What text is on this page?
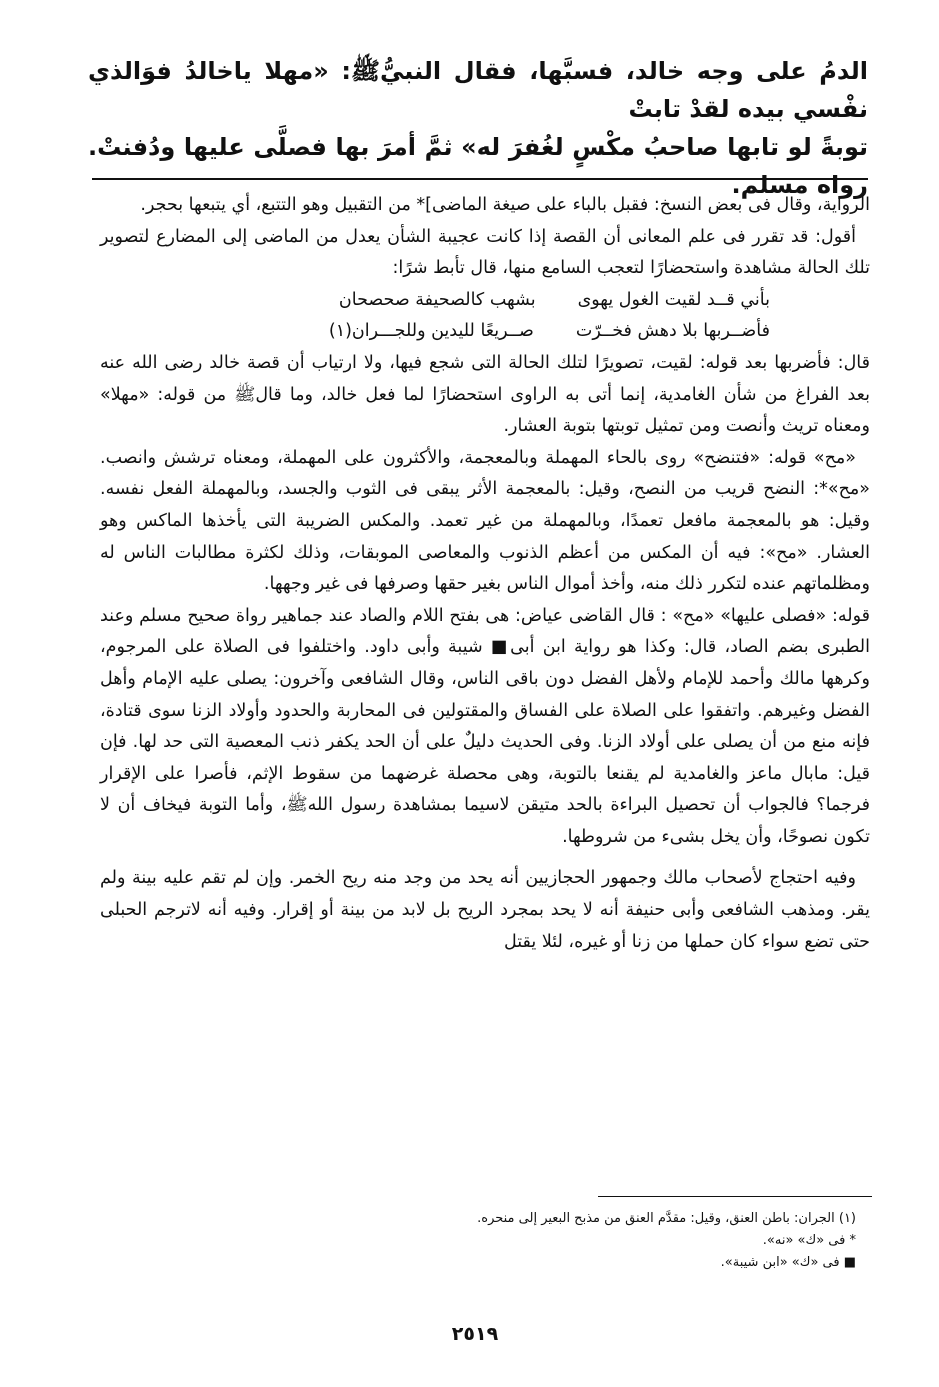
الدمُ على وجه خالد، فسبَّها، فقال النبيُّﷺ: «مهلا ياخالدُ فوَالذي نفْسي بيده لقدْ تابتْ

توبةً لو تابها صاحبُ مكْسٍ لغُفرَ له» ثمَّ أمرَ بها فصلَّى عليها ودُفنتْ. رواه مسلم.

الرواية، وقال فى بعض النسخ: فقبل بالباء على صيغة الماضى]* من التقبيل وهو التتبع، أي يتبعها بحجر.

أقول: قد تقرر فى علم المعانى أن القصة إذا كانت عجيبة الشأن يعدل من الماضى إلى المضارع لتصوير تلك الحالة مشاهدة واستحضارًا لتعجب السامع منها، قال تأبط شرًا:

بأني قــد لقيت الغول يهوى
بشهب كالصحيفة صحصحان
فأضــربها بلا دهش فخــرّت
صــريعًا لليدين وللجـــران(١)

قال: فأضربها بعد قوله: لقيت، تصويرًا لتلك الحالة التى شجع فيها، ولا ارتياب أن قصة خالد رضى الله عنه بعد الفراغ من شأن الغامدية، إنما أتى به الراوى استحضارًا لما فعل خالد، وما قالﷺ من قوله: «مهلا» ومعناه تريث وأنصت ومن تمثيل توبتها بتوبة العشار.

«مح» قوله: «فتنضح» روى بالحاء المهملة وبالمعجمة، والأكثرون على المهملة، ومعناه ترشش وانصب. «مح»*: النضح قريب من النصح، وقيل: بالمعجمة الأثر يبقى فى الثوب والجسد، وبالمهملة الفعل نفسه. وقيل: هو بالمعجمة مافعل تعمدًا، وبالمهملة من غير تعمد. والمكس الضريبة التى يأخذها الماكس وهو العشار. «مح»: فيه أن المكس من أعظم الذنوب والمعاصى الموبقات، وذلك لكثرة مطالبات الناس له ومظلماتهم عنده لتكرر ذلك منه، وأخذ أموال الناس بغير حقها وصرفها فى غير وجهها.

قوله: «فصلى عليها» «مح» : قال القاضى عياض: هى بفتح اللام والصاد عند جماهير رواة صحيح مسلم وعند الطبرى بضم الصاد، قال: وكذا هو رواية ابن أبى■ شيبة وأبى داود. واختلفوا فى الصلاة على المرجوم، وكرهها مالك وأحمد للإمام ولأهل الفضل دون باقى الناس، وقال الشافعى وآخرون: يصلى عليه الإمام وأهل الفضل وغيرهم. واتفقوا على الصلاة على الفساق والمقتولين فى المحاربة والحدود وأولاد الزنا سوى قتادة، فإنه منع من أن يصلى على أولاد الزنا. وفى الحديث دليلٌ على أن الحد يكفر ذنب المعصية التى حد لها. فإن قيل: مابال ماعز والغامدية لم يقنعا بالتوبة، وهى محصلة غرضهما من سقوط الإثم، فأصرا على الإقرار فرجما؟ فالجواب أن تحصيل البراءة بالحد متيقن لاسيما بمشاهدة رسول اللهﷺ، وأما التوبة فيخاف أن لا تكون نصوحًا، وأن يخل بشىء من شروطها.

وفيه احتجاج لأصحاب مالك وجمهور الحجازيين أنه يحد من وجد منه ريح الخمر. وإن لم تقم عليه بينة ولم يقر. ومذهب الشافعى وأبى حنيفة أنه لا يحد بمجرد الريح بل لابد من بينة أو إقرار. وفيه أنه لاترجم الحبلى حتى تضع سواء كان حملها من زنا أو غيره، لئلا يقتل

(١) الجران: باطن العنق، وقيل: مقدَّم العنق من مذبح البعير إلى منحره.
* فى «ك» «نه».
■ فى «ك» «ابن شيبة».
٢٥١٩
